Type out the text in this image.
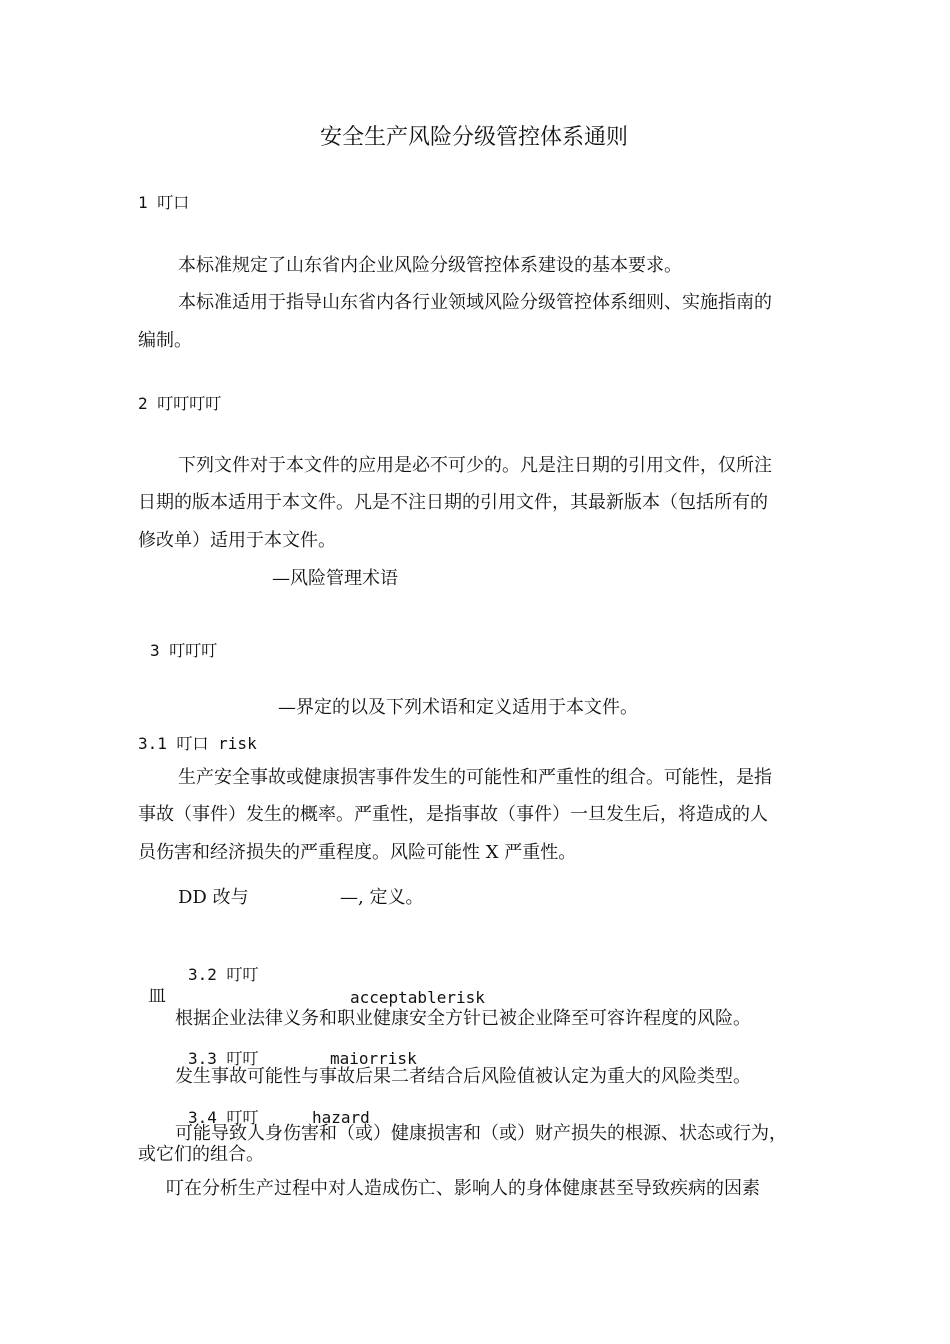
安全生产风险分级管控体系通则
1 叮口
本标准规定了山东省内企业风险分级管控体系建设的基本要求。
本标准适用于指导山东省内各行业领域风险分级管控体系细则、实施指南的
编制。
2 叮叮叮叮
下列文件对于本文件的应用是必不可少的。凡是注日期的引用文件，仅所注
日期的版本适用于本文件。凡是不注日期的引用文件，其最新版本（包括所有的
修改单）适用于本文件。
—风险管理术语
3 叮叮叮
—界定的以及下列术语和定义适用于本文件。
3.1 叮口 risk
生产安全事故或健康损害事件发生的可能性和严重性的组合。可能性，是指
事故（事件）发生的概率。严重性，是指事故（事件）一旦发生后，将造成的人
员伤害和经济损失的严重程度。风险可能性 X 严重性。
DD 改与	—, 定义。
3.2 叮叮
皿	acceptablerisk
根据企业法律义务和职业健康安全方针已被企业降至可容许程度的风险。
3.3 叮叮	maiorrisk
发生事故可能性与事故后果二者结合后风险值被认定为重大的风险类型。
3.4 叮叮	hazard
可能导致人身伤害和（或）健康损害和（或）财产损失的根源、状态或行为，
或它们的组合。
叮在分析生产过程中对人造成伤亡、影响人的身体健康甚至导致疾病的因素
